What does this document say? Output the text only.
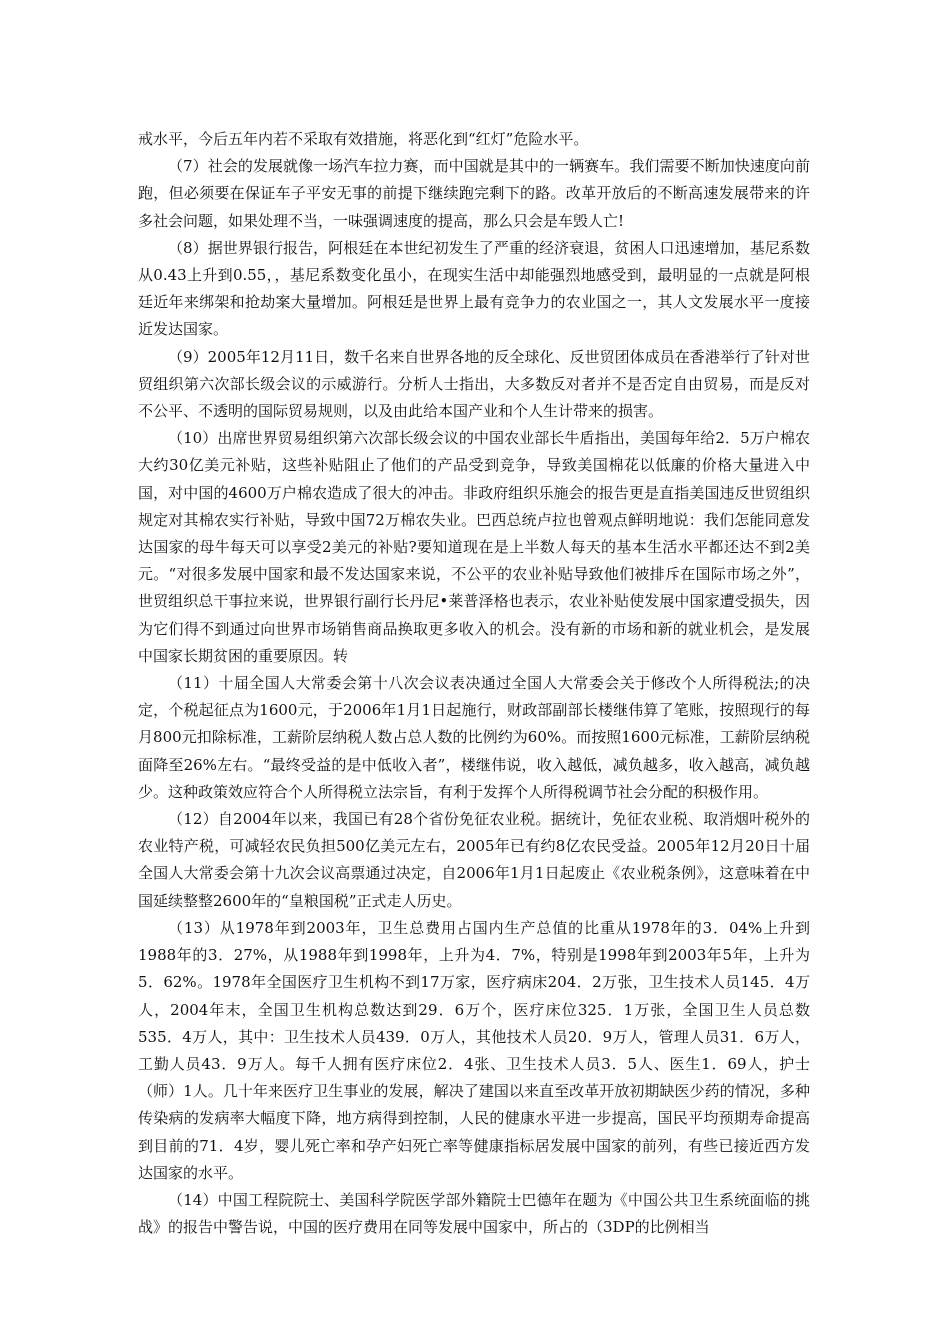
戒水平，今后五年内若不采取有效措施，将恶化到“红灯”危险水平。

（7）社会的发展就像一场汽车拉力赛，而中国就是其中的一辆赛车。我们需要不断加快速度向前跑，但必须要在保证车子平安无事的前提下继续跑完剩下的路。改革开放后的不断高速发展带来的许多社会问题，如果处理不当，一味强调速度的提高，那么只会是车毁人亡!

（8）据世界银行报告，阿根廷在本世纪初发生了严重的经济衰退，贫困人口迅速增加，基尼系数从0.43上升到0.55，，基尼系数变化虽小，在现实生活中却能强烈地感受到，最明显的一点就是阿根廷近年来绑架和抢劫案大量增加。阿根廷是世界上最有竞争力的农业国之一，其人文发展水平一度接近发达国家。

（9）2005年12月11日，数千名来自世界各地的反全球化、反世贸团体成员在香港举行了针对世贸组织第六次部长级会议的示威游行。分析人士指出，大多数反对者并不是否定自由贸易，而是反对不公平、不透明的国际贸易规则，以及由此给本国产业和个人生计带来的损害。

（10）出席世界贸易组织第六次部长级会议的中国农业部长牛盾指出，美国每年给2．5万户棉农大约30亿美元补贴，这些补贴阻止了他们的产品受到竞争，导致美国棉花以低廉的价格大量进入中国，对中国的4600万户棉农造成了很大的冲击。非政府组织乐施会的报告更是直指美国违反世贸组织规定对其棉农实行补贴，导致中国72万棉农失业。巴西总统卢拉也曾观点鲜明地说：我们怎能同意发达国家的母牛每天可以享受2美元的补贴?要知道现在是上半数人每天的基本生活水平都还达不到2美元。“对很多发展中国家和最不发达国家来说，不公平的农业补贴导致他们被排斥在国际市场之外”，世贸组织总干事拉来说，世界银行副行长丹尼•莱普泽格也表示，农业补贴使发展中国家遭受损失，因为它们得不到通过向世界市场销售商品换取更多收入的机会。没有新的市场和新的就业机会，是发展中国家长期贫困的重要原因。转

（11）十届全国人大常委会第十八次会议表决通过全国人大常委会关于修改个人所得税法;的决定，个税起征点为1600元，于2006年1月1日起施行，财政部副部长楼继伟算了笔账，按照现行的每月800元扣除标准，工薪阶层纳税人数占总人数的比例约为60%。而按照1600元标准，工薪阶层纳税面降至26%左右。“最终受益的是中低收入者”，楼继伟说，收入越低，减负越多，收入越高，减负越少。这种政策效应符合个人所得税立法宗旨，有利于发挥个人所得税调节社会分配的积极作用。

（12）自2004年以来，我国已有28个省份免征农业税。据统计，免征农业税、取消烟叶税外的农业特产税，可减轻农民负担500亿美元左右，2005年已有约8亿农民受益。2005年12月20日十届全国人大常委会第十九次会议高票通过决定，自2006年1月1日起废止《农业税条例》，这意味着在中国延续整整2600年的“皇粮国税”正式走人历史。

（13）从1978年到2003年，卫生总费用占国内生产总值的比重从1978年的3．04%上升到1988年的3．27%，从1988年到1998年，上升为4．7%，特别是1998年到2003年5年，上升为5．62%。1978年全国医疗卫生机构不到17万家，医疗病床204．2万张，卫生技术人员145．4万人，2004年末，全国卫生机构总数达到29．6万个，医疗床位325．1万张，全国卫生人员总数535．4万人，其中：卫生技术人员439．0万人，其他技术人员20．9万人，管理人员31．6万人，工勤人员43．9万人。每千人拥有医疗床位2．4张、卫生技术人员3．5人、医生1．69人，护士（师）1人。几十年来医疗卫生事业的发展，解决了建国以来直至改革开放初期缺医少药的情况，多种传染病的发病率大幅度下降，地方病得到控制，人民的健康水平进一步提高，国民平均预期寿命提高到目前的71．4岁，婴儿死亡率和孕产妇死亡率等健康指标居发展中国家的前列，有些已接近西方发达国家的水平。

（14）中国工程院院士、美国科学院医学部外籍院士巴德年在题为《中国公共卫生系统面临的挑战》的报告中警告说，中国的医疗费用在同等发展中国家中，所占的（3DP的比例相当
